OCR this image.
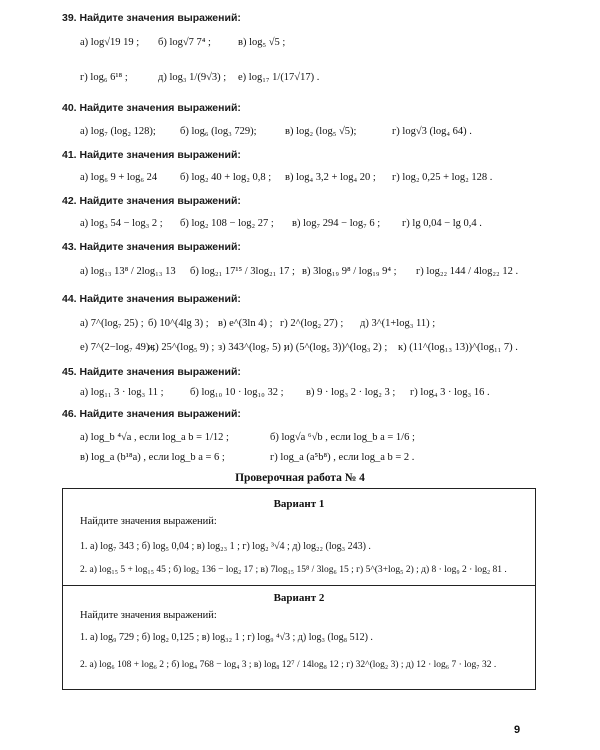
39. Найдите значения выражений:
а) log√19 19 ; б) log√7 7⁴ ;	в) log₅ √5 ;
г) log₆ 6¹⁸ ;	д) log₃ 1/(9√3) ; е) log₁₇ 1/(17√17) .
40. Найдите значения выражений:
а) log₇ (log₂ 128); б) log₆ (log₃ 729);	в) log₂ (log₅ √5);	г) log√3 (log₄ 64) .
41. Найдите значения выражений:
а) log₆ 9 + log₆ 24 б) log₂ 40 + log₂ 0,8 ; в) log₄ 3,2 + log₄ 20 ; г) log₂ 0,25 + log₂ 128 .
42. Найдите значения выражений:
а) log₃ 54 − log₃ 2 ; б) log₂ 108 − log₂ 27 ; в) log₇ 294 − log₇ 6 ; г) lg 0,04 − lg 0,4 .
43. Найдите значения выражений:
а) log₁₃ 13⁸ / 2log₁₃ 13 б) log₂₁ 17¹⁵ / 3log₂₁ 17 ; в) 3log₁₉ 9⁸ / log₁₉ 9⁴ ; г) log₂₂ 144 / 4log₂₂ 12 .
44. Найдите значения выражений:
а) 7^(log₇ 25) ; б) 10^(4lg 3) ; в) e^(3ln 4) ; г) 2^(log₂ 27) ; д) 3^(1+log₃ 11) ;
е) 7^(2−log₇ 49) ;
ж) 25^(log₅ 9) ; з) 343^(log₇ 5) ;
и) (5^(log₅ 3))^(log₃ 2) ; к) (11^(log₁₃ 13))^(log₁₁ 7) .
45. Найдите значения выражений:
а) log₁₁ 3 · log₃ 11 ;	б) log₁₀ 10 · log₁₀ 32 ; в) 9 · log₃ 2 · log₂ 3 ; г) log₄ 3 · log₃ 16 .
46. Найдите значения выражений:
а) log_b ⁴√a , если log_a b = 1/12 ;	б) log√a ⁶√b , если log_b a = 1/6 ;
в) log_a (b¹⁸a) , если log_b a = 6 ;	г) log_a (a⁵b⁸) , если log_a b = 2 .
Проверочная работа № 4
Вариант 1
Найдите значения выражений:
1. а) log₇ 343 ; б) log₅ 0,04 ; в) log₂₃ 1 ; г) log₂ ³√4 ; д) log₂₂ (log₃ 243) .
2. а) log₁₅ 5 + log₁₅ 45 ; б) log₂ 136 − log₂ 17 ; в) 7log₁₅ 15⁸ / 3log₆ 15 ; г) 5^(3+log₅ 2) ; д) 8 · log₉ 2 · log₂ 81 .
Вариант 2
Найдите значения выражений:
1. а) log₉ 729 ; б) log₂ 0,125 ; в) log₃₂ 1 ; г) log₉ ⁴√3 ; д) log₃ (log₈ 512) .
2. а) log₆ 108 + log₆ 2 ; б) log₄ 768 − log₄ 3 ; в) log₈ 12⁷ / 14log₈ 12 ; г) 32^(log₂ 3) ; д) 12 · log₆ 7 · log₇ 32 .
9
